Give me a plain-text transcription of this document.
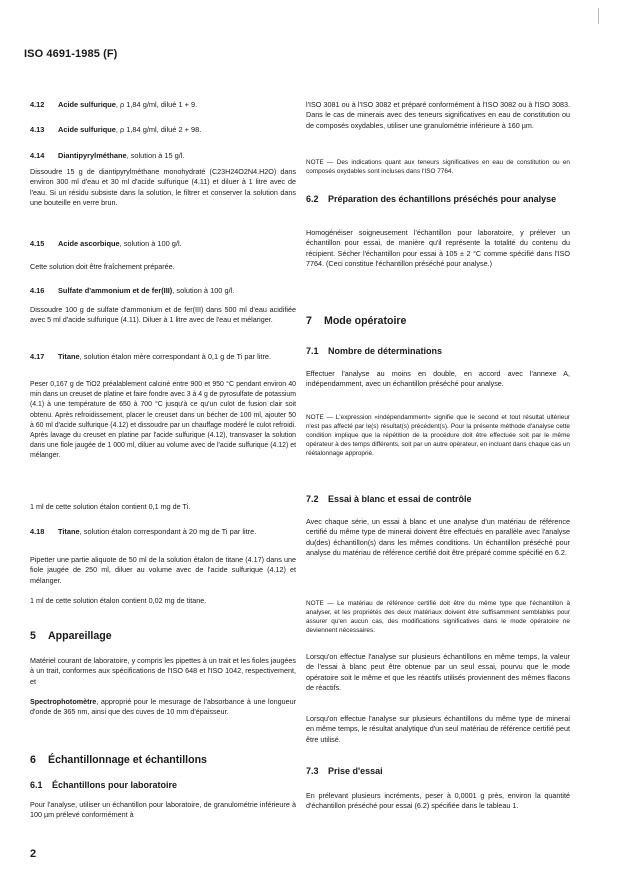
ISO 4691-1985 (F)
4.12 Acide sulfurique, ρ 1,84 g/ml, dilué 1 + 9.
4.13 Acide sulfurique, ρ 1,84 g/ml, dilué 2 + 98.
4.14 Diantipyrylméthane, solution à 15 g/l.
Dissoudre 15 g de diantipyrylméthane monohydraté (C23H24O2N4.H2O) dans environ 300 ml d'eau et 30 ml d'acide sulfurique (4.11) et diluer à 1 litre avec de l'eau. Si un résidu subsiste dans la solution, le filtrer et conserver la solution dans une bouteille en verre brun.
4.15 Acide ascorbique, solution à 100 g/l.
Cette solution doit être fraîchement préparée.
4.16 Sulfate d'ammonium et de fer(III), solution à 100 g/l.
Dissoudre 100 g de sulfate d'ammonium et de fer(III) dans 500 ml d'eau acidifiée avec 5 ml d'acide sulfurique (4.11). Diluer à 1 litre avec de l'eau et mélanger.
4.17 Titane, solution étalon mère correspondant à 0,1 g de Ti par litre.
Peser 0,167 g de TiO2 préalablement calciné entre 900 et 950 °C pendant environ 40 min dans un creuset de platine et faire fondre avec 3 à 4 g de pyrosulfate de potassium (4.1) à une température de 650 à 700 °C jusqu'à ce qu'un culot de fusion clair soit obtenu. Après refroidissement, placer le creuset dans un bécher de 100 ml, ajouter 50 à 60 ml d'acide sulfurique (4.12) et dissoudre par un chauffage modéré le culot refroidi. Après lavage du creuset en platine par l'acide sulfurique (4.12), transvaser la solution dans une fiole jaugée de 1 000 ml, diluer au volume avec de l'acide sulfurique (4.12) et mélanger.
1 ml de cette solution étalon contient 0,1 mg de Ti.
4.18 Titane, solution étalon correspondant à 20 mg de Ti par litre.
Pipetter une partie aliquote de 50 ml de la solution étalon de titane (4.17) dans une fiole jaugée de 250 ml, diluer au volume avec de l'acide sulfurique (4.12) et mélanger.
1 ml de cette solution étalon contient 0,02 mg de titane.
5 Appareillage
Matériel courant de laboratoire, y compris les pipettes à un trait et les fioles jaugées à un trait, conformes aux spécifications de l'ISO 648 et l'ISO 1042, respectivement, et
Spectrophotomètre, approprié pour le mesurage de l'absorbance à une longueur d'onde de 365 nm, ainsi que des cuves de 10 mm d'épaisseur.
6 Échantillonnage et échantillons
6.1 Échantillons pour laboratoire
Pour l'analyse, utiliser un échantillon pour laboratoire, de granulométrie inférieure à 100 µm prélevé conformément à
l'ISO 3081 ou à l'ISO 3082 et préparé conformément à l'ISO 3082 ou à l'ISO 3083. Dans le cas de minerais avec des teneurs significatives en eau de constitution ou de composés oxydables, utiliser une granulométrie inférieure à 160 µm.
NOTE — Des indications quant aux teneurs significatives en eau de constitution ou en composés oxydables sont incluses dans l'ISO 7764.
6.2 Préparation des échantillons préséchés pour analyse
Homogénéiser soigneusement l'échantillon pour laboratoire, y prélever un échantillon pour essai, de manière qu'il représente la totalité du contenu du récipient. Sécher l'échantillon pour essai à 105 ± 2 °C comme spécifié dans l'ISO 7764. (Ceci constitue l'échantillon préséché pour analyse.)
7 Mode opératoire
7.1 Nombre de déterminations
Effectuer l'analyse au moins en double, en accord avec l'annexe A, indépendamment, avec un échantillon préséché pour analyse.
NOTE — L'expression «indépendamment» signifie que le second et tout résultat ultérieur n'est pas affecté par le(s) résultat(s) précédent(s). Pour la présente méthode d'analyse cette condition implique que la répétition de la procédure doit être effectuée soit par le même opérateur à des temps différents, soit par un autre opérateur, en incluant dans chaque cas un réétalonnage approprié.
7.2 Essai à blanc et essai de contrôle
Avec chaque série, un essai à blanc et une analyse d'un matériau de référence certifié du même type de minerai doivent être effectués en parallèle avec l'analyse du(des) échantillon(s) dans les mêmes conditions. Un échantillon préséché pour analyse du matériau de référence certifié doit être préparé comme spécifié en 6.2.
NOTE — Le matériau de référence certifié doit être du même type que l'échantillon à analyser, et les propriétés des deux matériaux doivent être suffisamment semblables pour assurer qu'en aucun cas, des modifications significatives dans le mode opératoire ne deviennent nécessaires.
Lorsqu'on effectue l'analyse sur plusieurs échantillons en même temps, la valeur de l'essai à blanc peut être obtenue par un seul essai, pourvu que le mode opératoire soit le même et que les réactifs utilisés proviennent des mêmes flacons de réactifs.
Lorsqu'on effectue l'analyse sur plusieurs échantillons du même type de minerai en même temps, le résultat analytique d'un seul matériau de référence certifié peut être utilisé.
7.3 Prise d'essai
En prélevant plusieurs incréments, peser à 0,0001 g près, environ la quantité d'échantillon préséché pour essai (6.2) spécifiée dans le tableau 1.
2
